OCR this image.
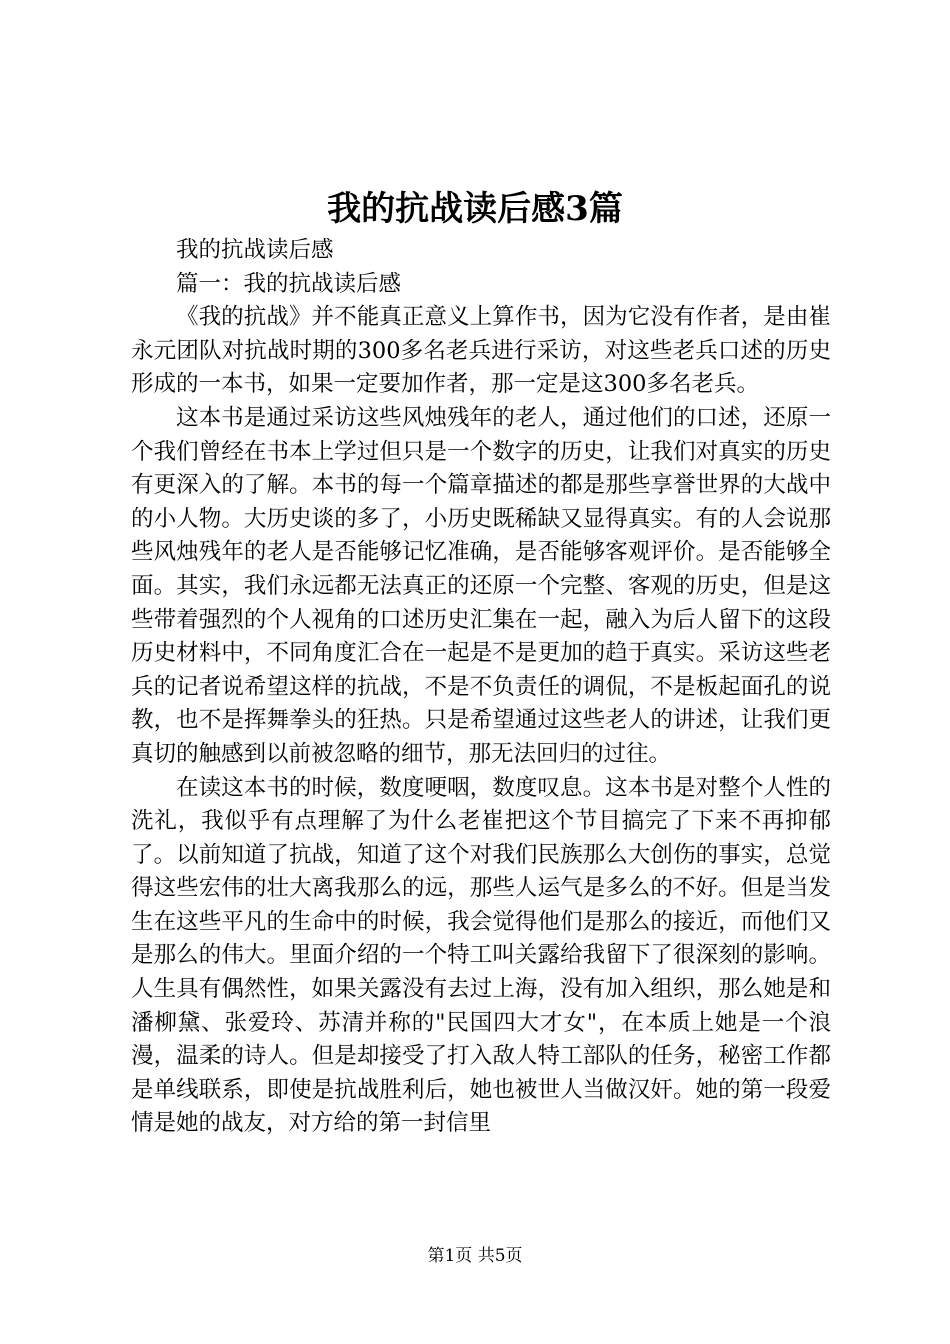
我的抗战读后感3篇

我的抗战读后感

篇一：我的抗战读后感

《我的抗战》并不能真正意义上算作书，因为它没有作者，是由崔永元团队对抗战时期的300多名老兵进行采访，对这些老兵口述的历史形成的一本书，如果一定要加作者，那一定是这300多名老兵。

这本书是通过采访这些风烛残年的老人，通过他们的口述，还原一个我们曾经在书本上学过但只是一个数字的历史，让我们对真实的历史有更深入的了解。本书的每一个篇章描述的都是那些享誉世界的大战中的小人物。大历史谈的多了，小历史既稀缺又显得真实。有的人会说那些风烛残年的老人是否能够记忆准确，是否能够客观评价。是否能够全面。其实，我们永远都无法真正的还原一个完整、客观的历史，但是这些带着强烈的个人视角的口述历史汇集在一起，融入为后人留下的这段历史材料中，不同角度汇合在一起是不是更加的趋于真实。采访这些老兵的记者说希望这样的抗战，不是不负责任的调侃，不是板起面孔的说教，也不是挥舞拳头的狂热。只是希望通过这些老人的讲述，让我们更真切的触感到以前被忽略的细节，那无法回归的过往。

在读这本书的时候，数度哽咽，数度叹息。这本书是对整个人性的洗礼，我似乎有点理解了为什么老崔把这个节目搞完了下来不再抑郁了。以前知道了抗战，知道了这个对我们民族那么大创伤的事实，总觉得这些宏伟的壮大离我那么的远，那些人运气是多么的不好。但是当发生在这些平凡的生命中的时候，我会觉得他们是那么的接近，而他们又是那么的伟大。里面介绍的一个特工叫关露给我留下了很深刻的影响。人生具有偶然性，如果关露没有去过上海，没有加入组织，那么她是和潘柳黛、张爱玲、苏清并称的"民国四大才女"，在本质上她是一个浪漫，温柔的诗人。但是却接受了打入敌人特工部队的任务，秘密工作都是单线联系，即使是抗战胜利后，她也被世人当做汉奸。她的第一段爱情是她的战友，对方给的第一封信里

第1页 共5页
